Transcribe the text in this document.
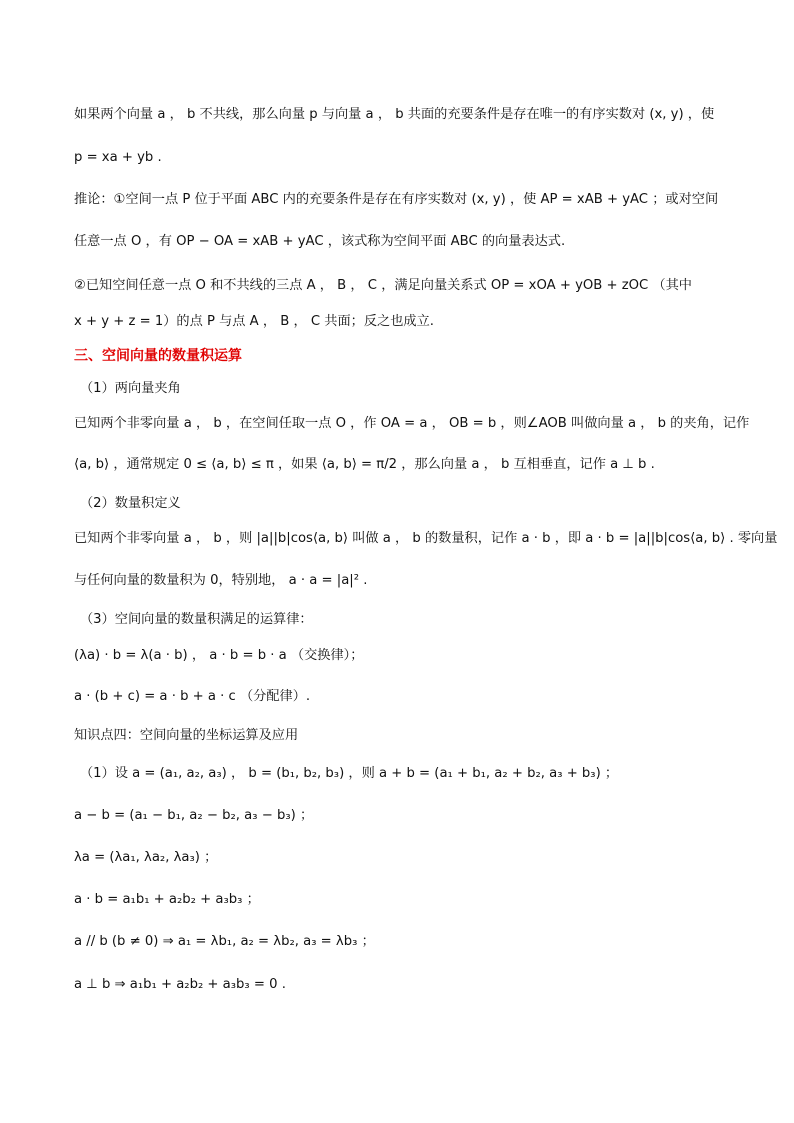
如果两个向量 a ， b 不共线，那么向量 p 与向量 a ， b 共面的充要条件是存在唯一的有序实数对 (x, y) ，使
p = xa + yb .
推论：①空间一点 P 位于平面 ABC 内的充要条件是存在有序实数对 (x, y) ，使 AP = xAB + yAC ；或对空间
任意一点 O ，有 OP − OA = xAB + yAC ，该式称为空间平面 ABC 的向量表达式.
②已知空间任意一点 O 和不共线的三点 A ， B ， C ，满足向量关系式 OP = xOA + yOB + zOC （其中
x + y + z = 1）的点 P 与点 A ， B ， C 共面；反之也成立.
三、空间向量的数量积运算
（1）两向量夹角
已知两个非零向量 a ， b ，在空间任取一点 O ，作 OA = a ， OB = b ，则∠AOB 叫做向量 a ， b 的夹角，记作
⟨a, b⟩ ，通常规定 0 ≤ ⟨a, b⟩ ≤ π ，如果 ⟨a, b⟩ = π/2 ，那么向量 a ， b 互相垂直，记作 a ⊥ b .
（2）数量积定义
已知两个非零向量 a ， b ，则 |a||b|cos⟨a, b⟩ 叫做 a ， b 的数量积，记作 a · b ，即 a · b = |a||b|cos⟨a, b⟩ . 零向量
与任何向量的数量积为 0，特别地， a · a = |a|² .
（3）空间向量的数量积满足的运算律：
(λa) · b = λ(a · b) ， a · b = b · a （交换律）；
a · (b + c) = a · b + a · c （分配律）.
知识点四：空间向量的坐标运算及应用
（1）设 a = (a₁, a₂, a₃) ， b = (b₁, b₂, b₃) ，则 a + b = (a₁ + b₁, a₂ + b₂, a₃ + b₃) ；
a − b = (a₁ − b₁, a₂ − b₂, a₃ − b₃) ；
λa = (λa₁, λa₂, λa₃) ；
a · b = a₁b₁ + a₂b₂ + a₃b₃ ；
a // b (b ≠ 0) ⇒ a₁ = λb₁, a₂ = λb₂, a₃ = λb₃ ；
a ⊥ b ⇒ a₁b₁ + a₂b₂ + a₃b₃ = 0 .
